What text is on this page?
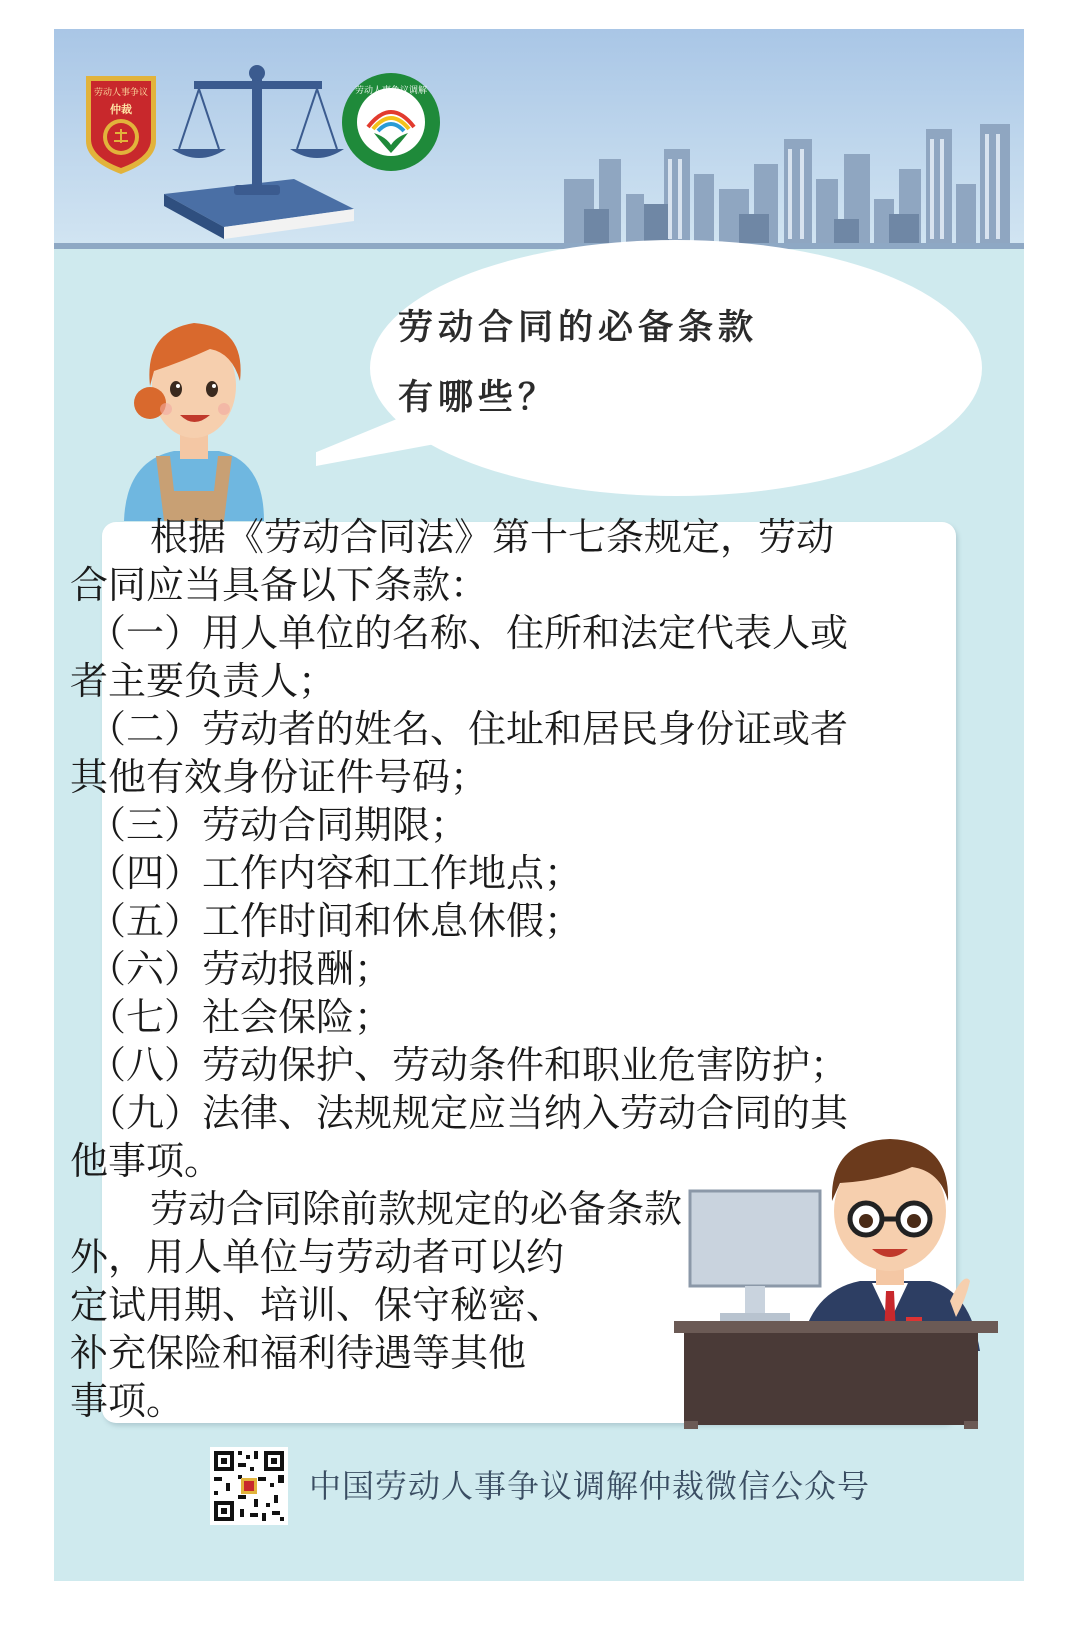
劳动人事争议
仲裁
劳动人事争议调解
劳动合同的必备条款
有哪些？
中国劳动人事争议调解仲裁微信公众号
根据《劳动合同法》第十七条规定，劳动
合同应当具备以下条款：
（一）用人单位的名称、住所和法定代表人或
者主要负责人；
（二）劳动者的姓名、住址和居民身份证或者
其他有效身份证件号码；
（三）劳动合同期限；
（四）工作内容和工作地点；
（五）工作时间和休息休假；
（六）劳动报酬；
（七）社会保险；
（八）劳动保护、劳动条件和职业危害防护；
（九）法律、法规规定应当纳入劳动合同的其
他事项。
劳动合同除前款规定的必备条款
外，用人单位与劳动者可以约
定试用期、培训、保守秘密、
补充保险和福利待遇等其他
事项。
